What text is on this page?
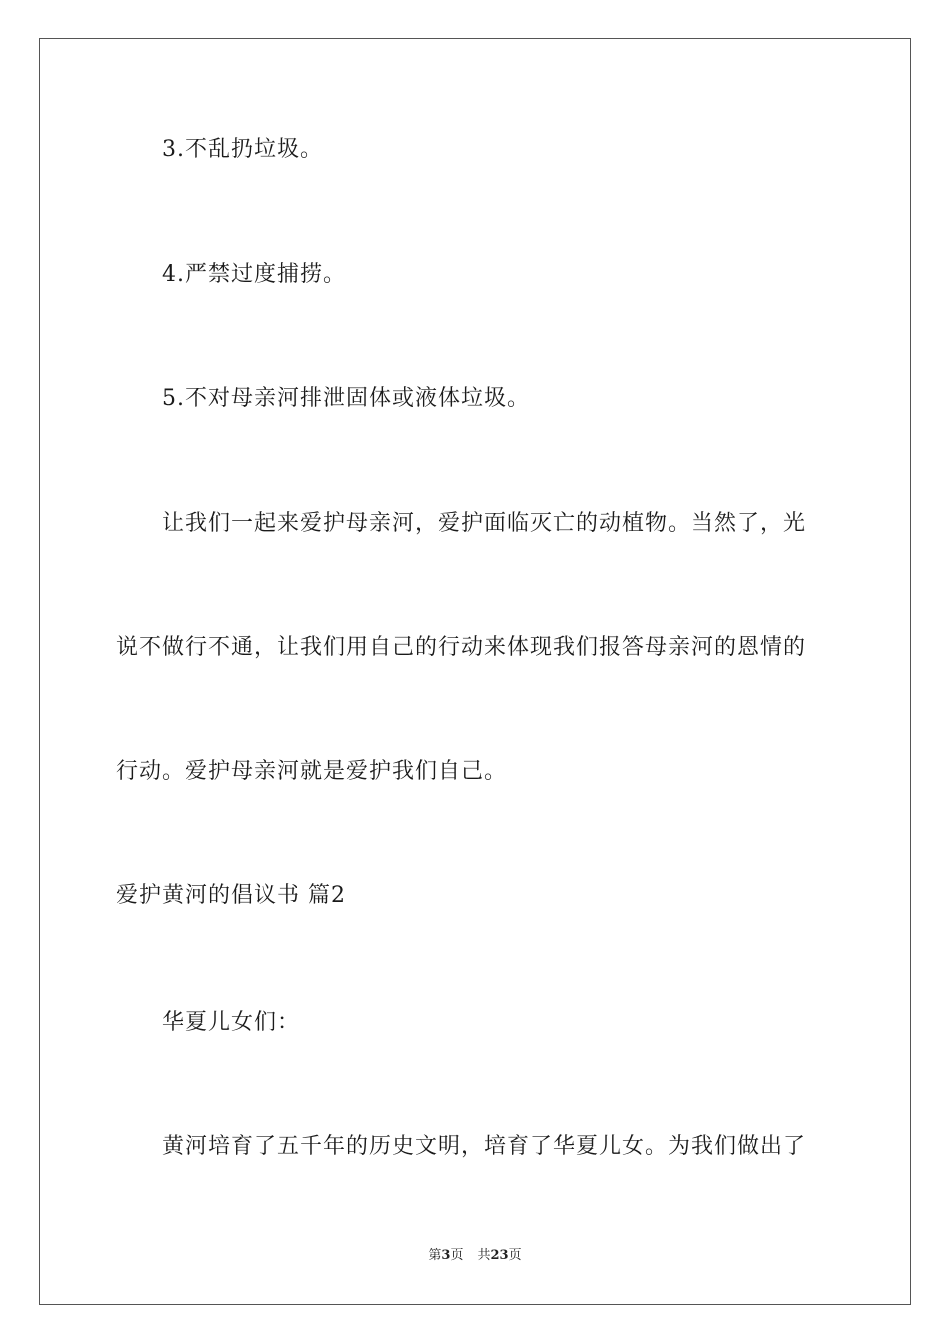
3.不乱扔垃圾。
4.严禁过度捕捞。
5.不对母亲河排泄固体或液体垃圾。
让我们一起来爱护母亲河，爱护面临灭亡的动植物。当然了，光
说不做行不通，让我们用自己的行动来体现我们报答母亲河的恩情的
行动。爱护母亲河就是爱护我们自己。
爱护黄河的倡议书 篇2
华夏儿女们：
黄河培育了五千年的历史文明，培育了华夏儿女。为我们做出了
第3页 共23页
